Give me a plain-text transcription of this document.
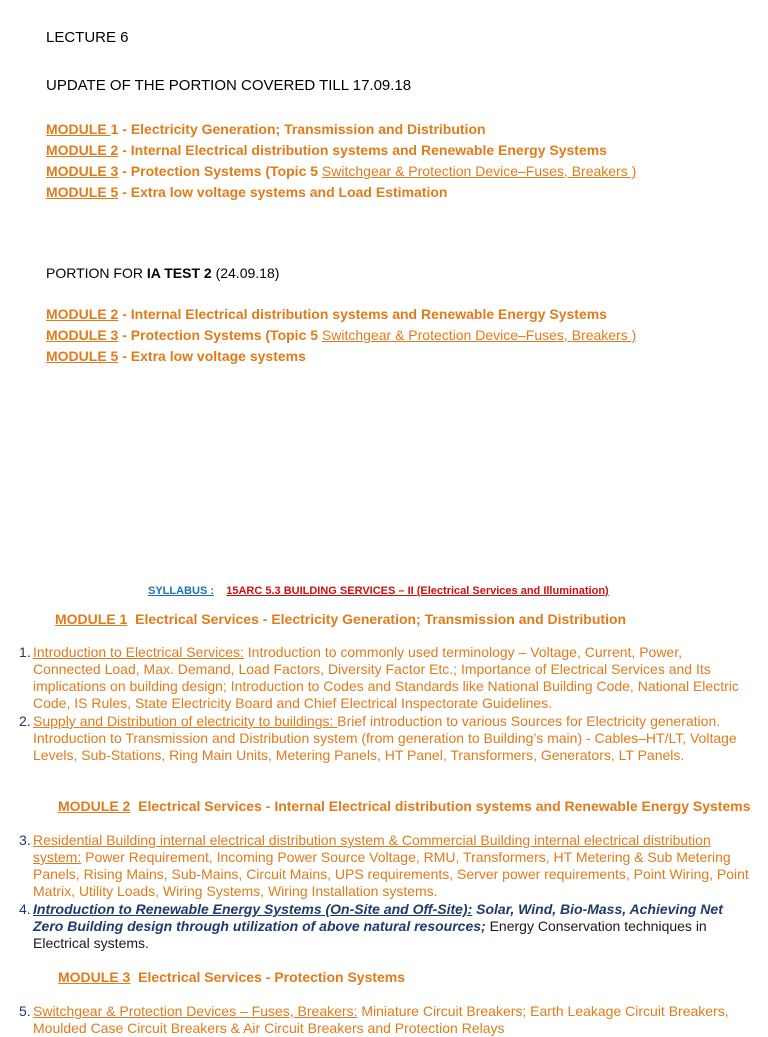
LECTURE 6
UPDATE OF THE PORTION COVERED TILL 17.09.18
MODULE 1 - Electricity Generation; Transmission and Distribution
MODULE 2 - Internal Electrical distribution systems and Renewable Energy Systems
MODULE 3 - Protection Systems (Topic 5 Switchgear & Protection Device–Fuses, Breakers )
MODULE 5 - Extra low voltage systems and Load Estimation
PORTION FOR IA TEST 2 (24.09.18)
MODULE 2 - Internal Electrical distribution systems and Renewable Energy Systems
MODULE 3 - Protection Systems (Topic 5 Switchgear & Protection Device–Fuses, Breakers )
MODULE 5 - Extra low voltage systems
SYLLABUS : 15ARC 5.3 BUILDING SERVICES – II (Electrical Services and Illumination)
MODULE 1 Electrical Services - Electricity Generation; Transmission and Distribution
1. Introduction to Electrical Services: Introduction to commonly used terminology – Voltage, Current, Power, Connected Load, Max. Demand, Load Factors, Diversity Factor Etc.; Importance of Electrical Services and Its implications on building design; Introduction to Codes and Standards like National Building Code, National Electric Code, IS Rules, State Electricity Board and Chief Electrical Inspectorate Guidelines.
2. Supply and Distribution of electricity to buildings: Brief introduction to various Sources for Electricity generation. Introduction to Transmission and Distribution system (from generation to Building’s main) - Cables–HT/LT, Voltage Levels, Sub-Stations, Ring Main Units, Metering Panels, HT Panel, Transformers, Generators, LT Panels.
MODULE 2 Electrical Services - Internal Electrical distribution systems and Renewable Energy Systems
3. Residential Building internal electrical distribution system & Commercial Building internal electrical distribution system: Power Requirement, Incoming Power Source Voltage, RMU, Transformers, HT Metering & Sub Metering Panels, Rising Mains, Sub-Mains, Circuit Mains, UPS requirements, Server power requirements, Point Wiring, Point Matrix, Utility Loads, Wiring Systems, Wiring Installation systems.
4. Introduction to Renewable Energy Systems (On-Site and Off-Site): Solar, Wind, Bio-Mass, Achieving Net Zero Building design through utilization of above natural resources; Energy Conservation techniques in Electrical systems.
MODULE 3 Electrical Services - Protection Systems
5. Switchgear & Protection Devices – Fuses, Breakers: Miniature Circuit Breakers; Earth Leakage Circuit Breakers, Moulded Case Circuit Breakers & Air Circuit Breakers and Protection Relays
